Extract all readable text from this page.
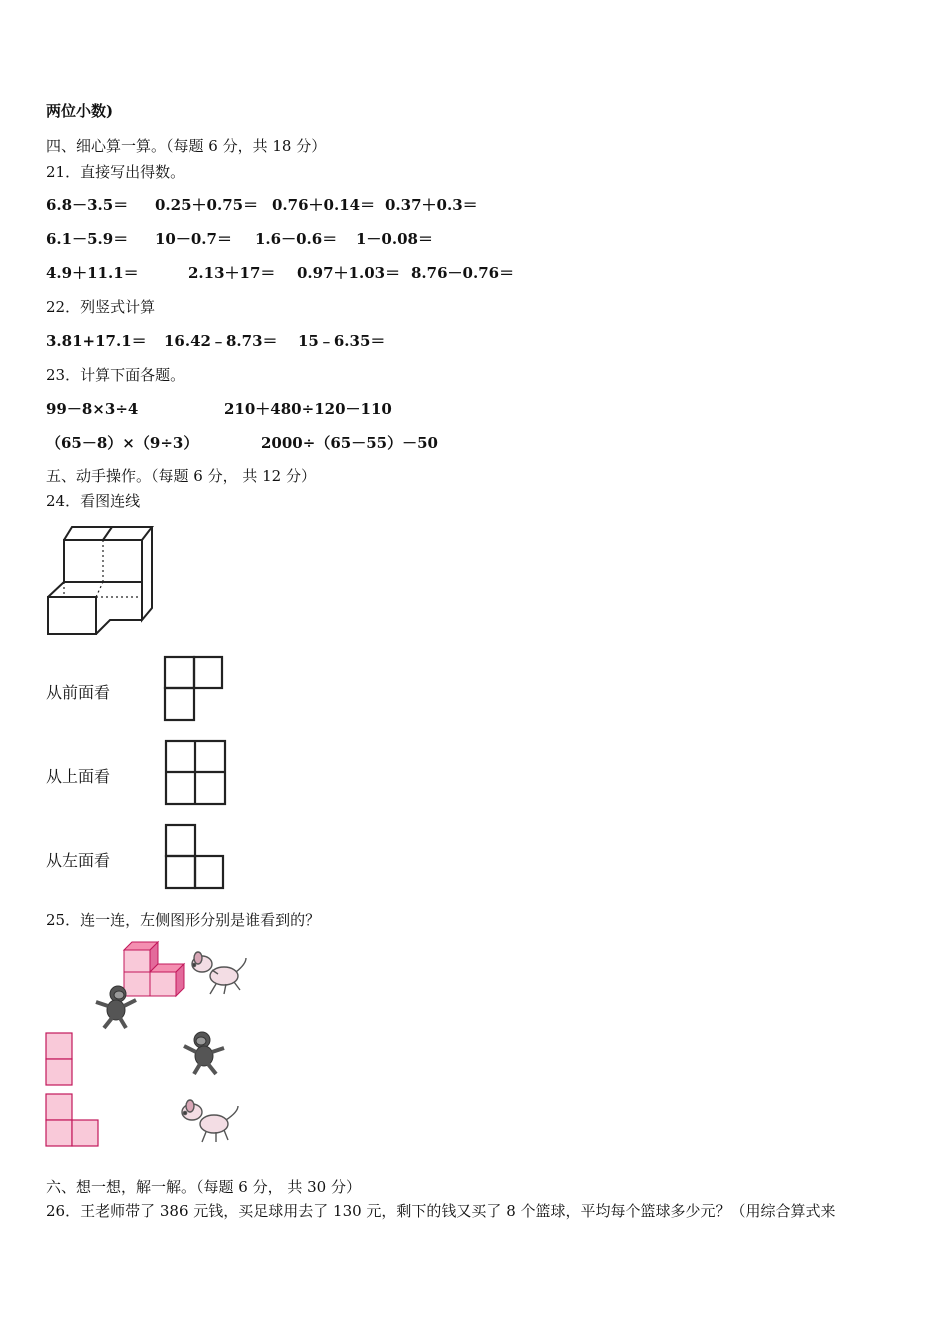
两位小数)
四、细心算一算。（每题 6 分，共 18 分）
21．直接写出得数。
6.8－3.5＝ 0.25＋0.75＝ 0.76＋0.14＝ 0.37＋0.3＝
6.1－5.9＝ 10－0.7＝ 1.6－0.6＝ 1－0.08＝
4.9＋11.1＝	2.13＋17＝ 0.97＋1.03＝ 8.76－0.76＝
22．列竖式计算
3.81+17.1＝ 16.42﹣8.73＝ 15﹣6.35＝
23．计算下面各题。
99－8×3÷4	210＋480÷120－110
（65－8）×（9÷3）	2000÷（65－55）－50
五、动手操作。（每题 6 分， 共 12 分）
24．看图连线
从前面看
从上面看
从左面看
25．连一连，左侧图形分别是谁看到的？
六、想一想，解一解。（每题 6 分， 共 30 分）
26．王老师带了 386 元钱，买足球用去了 130 元，剩下的钱又买了 8 个篮球，平均每个篮球多少元？（用综合算式来
